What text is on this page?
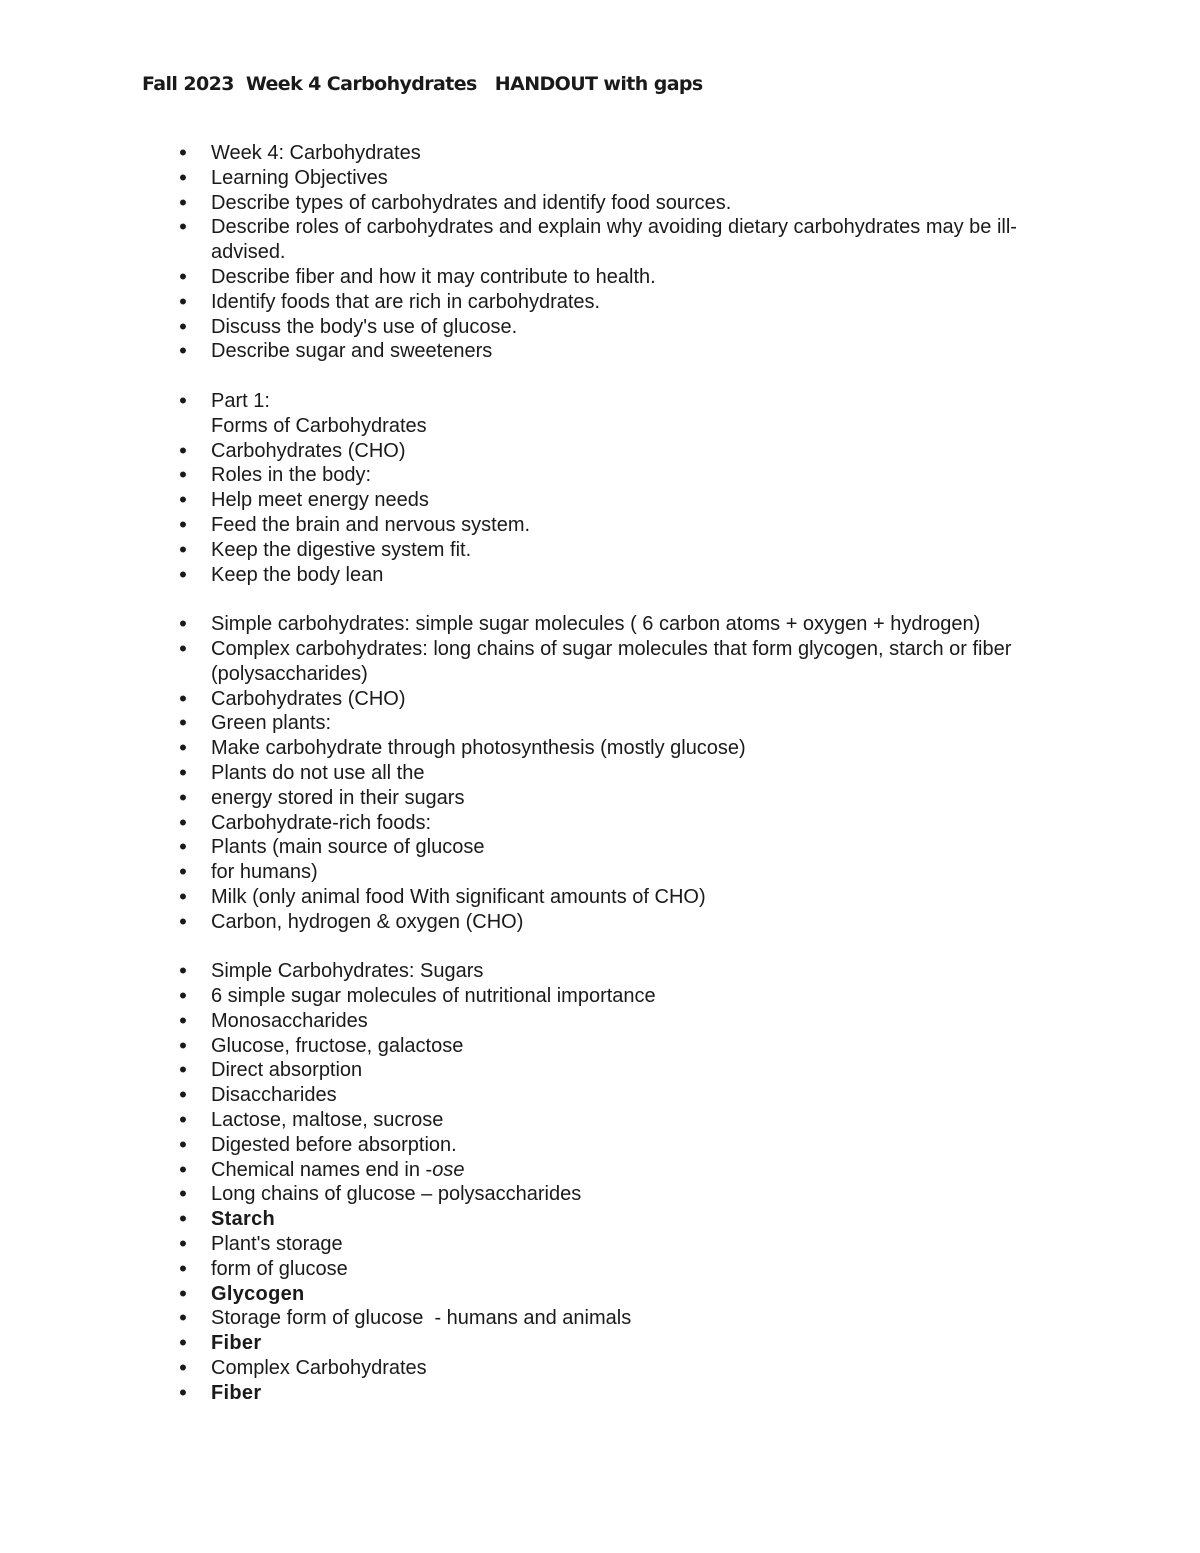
Fall 2023  Week 4 Carbohydrates   HANDOUT with gaps
•	Week 4: Carbohydrates
•	Learning Objectives
•	Describe types of carbohydrates and identify food sources.
•	Describe roles of carbohydrates and explain why avoiding dietary carbohydrates may be ill-advised.
•	Describe fiber and how it may contribute to health.
•	Identify foods that are rich in carbohydrates.
•	Discuss the body's use of glucose.
•	Describe sugar and sweeteners
•	Part 1:
Forms of Carbohydrates
•	Carbohydrates (CHO)
•	Roles in the body:
•	Help meet energy needs
•	Feed the brain and nervous system.
•	Keep the digestive system fit.
•	Keep the body lean
•	Simple carbohydrates: simple sugar molecules ( 6 carbon atoms + oxygen + hydrogen)
•	Complex carbohydrates: long chains of sugar molecules that form glycogen, starch or fiber (polysaccharides)
•	Carbohydrates (CHO)
•	Green plants:
•	Make carbohydrate through photosynthesis (mostly glucose)
•	Plants do not use all the
•	energy stored in their sugars
•	Carbohydrate-rich foods:
•	Plants (main source of glucose
•	for humans)
•	Milk (only animal food With significant amounts of CHO)
•	Carbon, hydrogen & oxygen (CHO)
•	Simple Carbohydrates: Sugars
•	6 simple sugar molecules of nutritional importance
•	Monosaccharides
•	Glucose, fructose, galactose
•	Direct absorption
•	Disaccharides
•	Lactose, maltose, sucrose
•	Digested before absorption.
•	Chemical names end in -ose
•	Long chains of glucose – polysaccharides
•	Starch
•	Plant's storage
•	form of glucose
•	Glycogen
•	Storage form of glucose  - humans and animals
•	Fiber
•	Complex Carbohydrates
•	Fiber
